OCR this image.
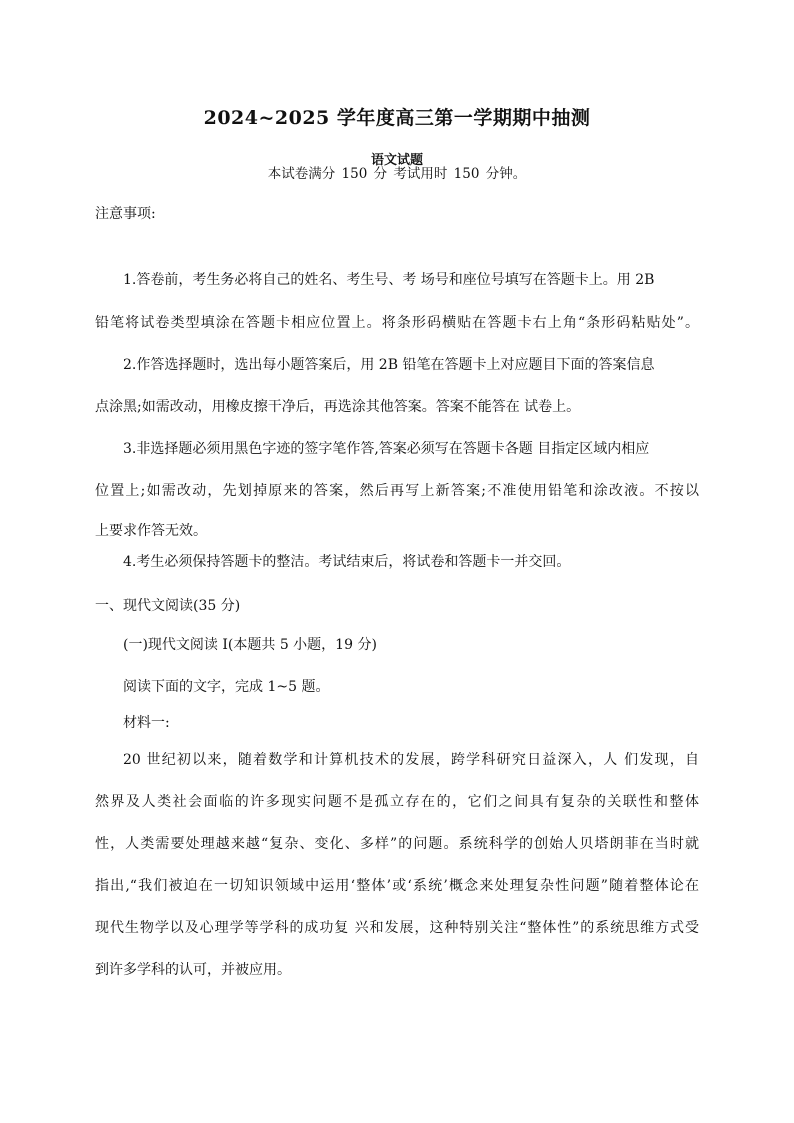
2024~2025 学年度高三第一学期期中抽测
语文试题
本试卷满分 150 分 考试用时 150 分钟。
注意事项:
1.答卷前，考生务必将自己的姓名、考生号、考 场号和座位号填写在答题卡上。用 2B
铅笔将试卷类型填涂在答题卡相应位置上。将条形码横贴在答题卡右上角“条形码粘贴处”。
2.作答选择题时，选出每小题答案后，用 2B 铅笔在答题卡上对应题目下面的答案信息
点涂黑;如需改动，用橡皮擦干净后，再选涂其他答案。答案不能答在 试卷上。
3.非选择题必须用黑色字迹的签字笔作答,答案必须写在答题卡各题 目指定区域内相应
位置上;如需改动，先划掉原来的答案，然后再写上新答案;不准使用铅笔和涂改液。不按以
上要求作答无效。
4.考生必须保持答题卡的整洁。考试结束后，将试卷和答题卡一并交回。
一、现代文阅读(35 分)
(一)现代文阅读 I(本题共 5 小题，19 分)
阅读下面的文字，完成 1~5 题。
材料一:
20 世纪初以来，随着数学和计算机技术的发展，跨学科研究日益深入，人 们发现，自
然界及人类社会面临的许多现实问题不是孤立存在的，它们之间具有复杂的关联性和整体
性，人类需要处理越来越“复杂、变化、多样”的问题。系统科学的创始人贝塔朗菲在当时就
指出,“我们被迫在一切知识领域中运用‘整体’或‘系统’概念来处理复杂性问题”随着整体论在
现代生物学以及心理学等学科的成功复 兴和发展，这种特别关注“整体性”的系统思维方式受
到许多学科的认可，并被应用。
